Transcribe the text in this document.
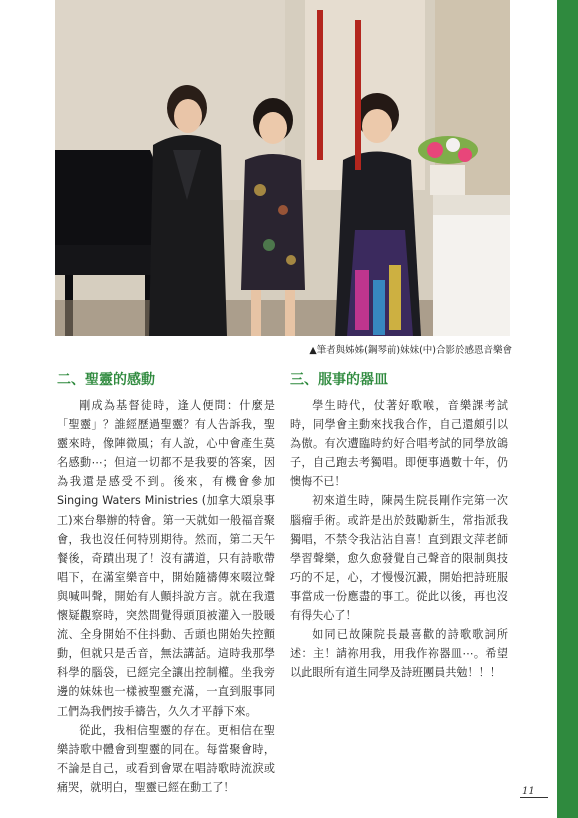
▲筆者與姊姊(鋼琴前)妹妹(中)合影於感恩音樂會
二、聖靈的感動

剛成為基督徒時，逢人便問：什麼是「聖靈」？誰經歷過聖靈？有人告訴我，聖靈來時，像陣微風；有人說，心中會產生莫名感動⋯；但這一切都不是我要的答案，因為我還是感受不到。後來，有機會參加 Singing Waters Ministries (加拿大頌泉事工)來台舉辦的特會。第一天就如一般福音聚會，我也沒任何特別期待。然而，第二天午餐後，奇蹟出現了！沒有講道，只有詩歌帶唱下，在滿室樂音中，開始隨禱傳來啜泣聲與喊叫聲，開始有人顫抖說方言。就在我還懷疑觀察時，突然間覺得頭頂被灌入一股暖流、全身開始不住抖動、舌頭也開始失控顫動，但就只是舌音，無法講話。這時我那學科學的腦袋，已經完全讓出控制權。坐我旁邊的妹妹也一樣被聖靈充滿，一直到服事同工們為我們按手禱告，久久才平靜下來。

從此，我相信聖靈的存在。更相信在聖樂詩歌中體會到聖靈的同在。每當聚會時，不論是自己，或看到會眾在唱詩歌時流淚或痛哭，就明白，聖靈已經在動工了！

三、服事的器皿

學生時代，仗著好歌喉，音樂課考試時，同學會主動來找我合作，自己還頗引以為傲。有次遭臨時約好合唱考試的同學放鴿子，自己跑去考獨唱。即便事過數十年，仍懊悔不已！

初來道生時，陳昺生院長剛作完第一次腦瘤手術。或許是出於鼓勵新生，常指派我獨唱，不禁令我沾沾自喜！直到跟文萍老師學習聲樂，愈久愈發覺自己聲音的限制與技巧的不足，心，才慢慢沉澱，開始把詩班服事當成一份應盡的事工。從此以後，再也沒有得失心了！

如同已故陳院長最喜歡的詩歌歌詞所述：主！請祢用我，用我作祢器皿⋯。希望以此眼所有道生同學及詩班團員共勉！！！

11
